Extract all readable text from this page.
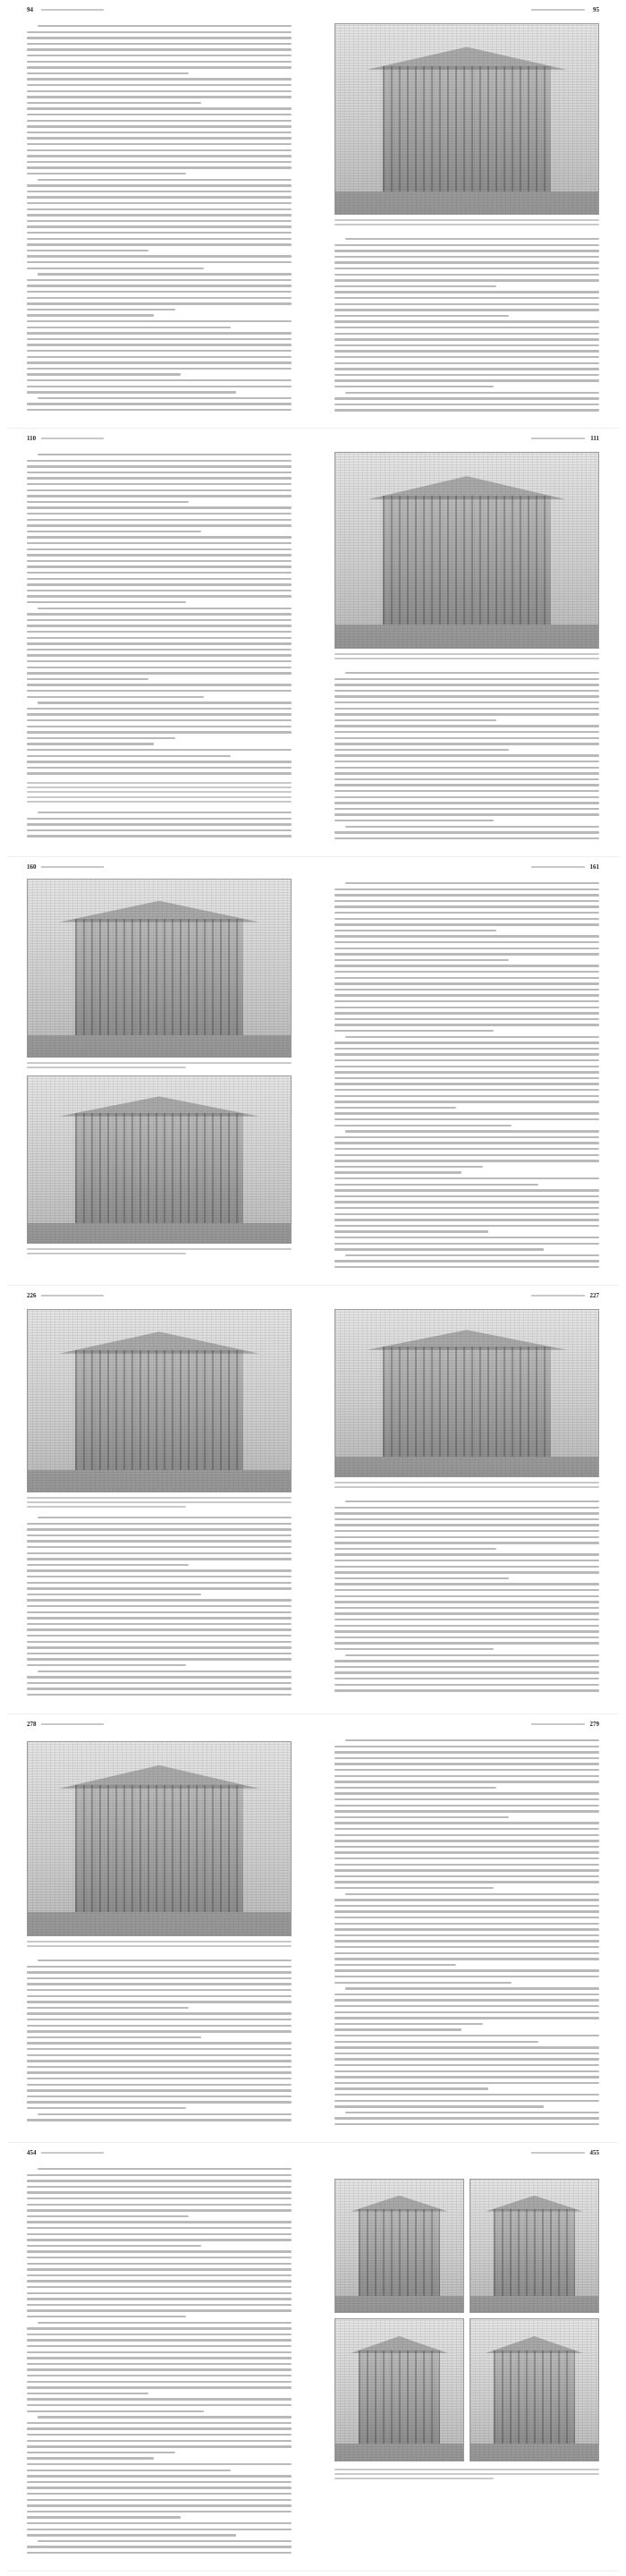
94	95
110	111
160	161
226	227
278	279
454	455
